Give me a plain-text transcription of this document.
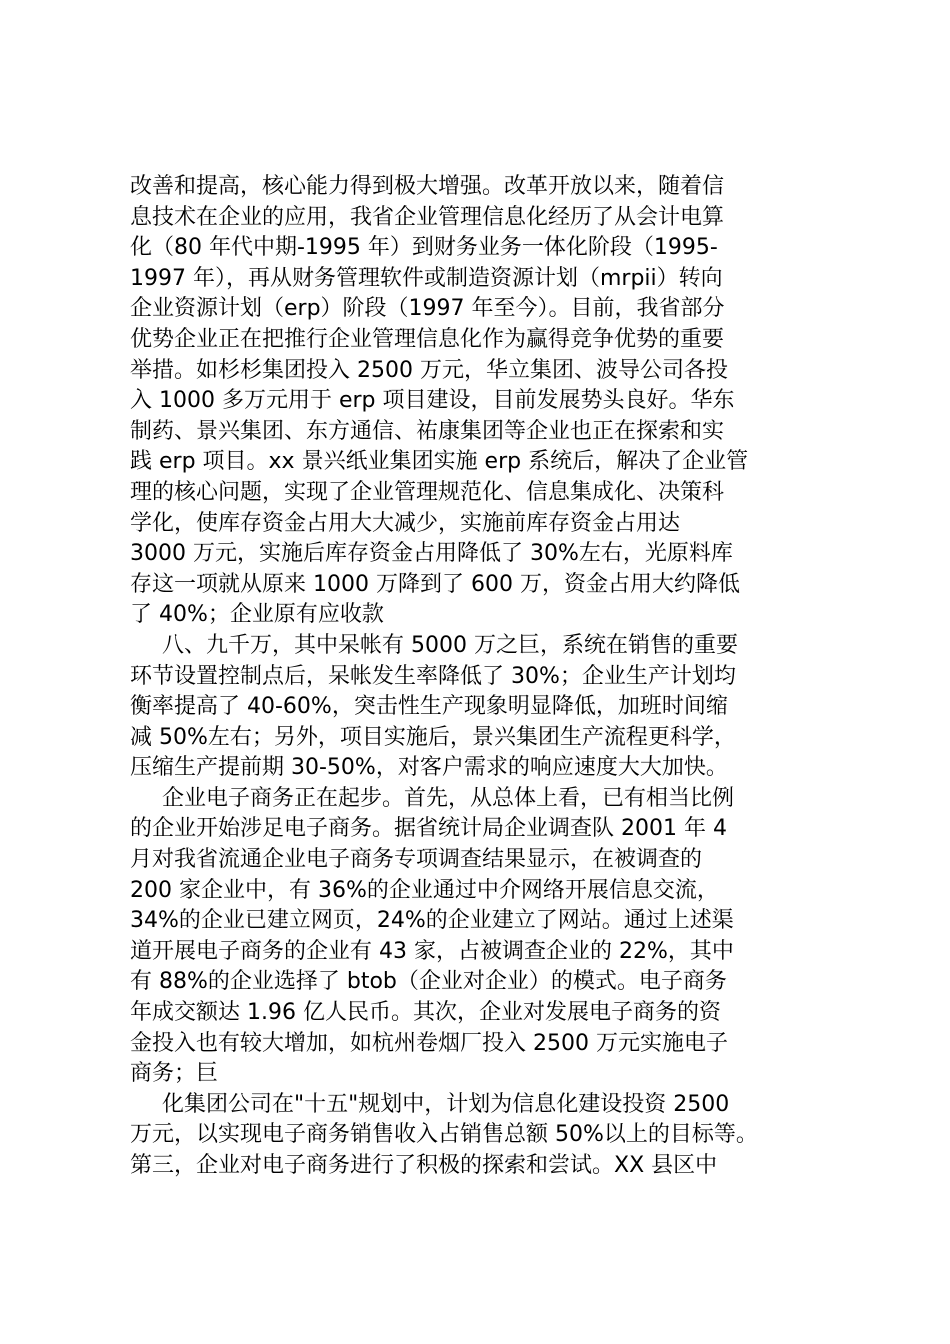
改善和提高，核心能力得到极大增强。改革开放以来，随着信
息技术在企业的应用，我省企业管理信息化经历了从会计电算
化（80 年代中期-1995 年）到财务业务一体化阶段（1995-
1997 年），再从财务管理软件或制造资源计划（mrpii）转向
企业资源计划（erp）阶段（1997 年至今）。目前，我省部分
优势企业正在把推行企业管理信息化作为赢得竞争优势的重要
举措。如杉杉集团投入 2500 万元，华立集团、波导公司各投
入 1000 多万元用于 erp 项目建设，目前发展势头良好。华东
制药、景兴集团、东方通信、祐康集团等企业也正在探索和实
践 erp 项目。xx 景兴纸业集团实施 erp 系统后，解决了企业管
理的核心问题，实现了企业管理规范化、信息集成化、决策科
学化，使库存资金占用大大减少，实施前库存资金占用达
3000 万元，实施后库存资金占用降低了 30%左右，光原料库
存这一项就从原来 1000 万降到了 600 万，资金占用大约降低
了 40%；企业原有应收款
八、九千万，其中呆帐有 5000 万之巨，系统在销售的重要
环节设置控制点后，呆帐发生率降低了 30%；企业生产计划均
衡率提高了 40-60%，突击性生产现象明显降低，加班时间缩
减 50%左右；另外，项目实施后，景兴集团生产流程更科学，
压缩生产提前期 30-50%，对客户需求的响应速度大大加快。
企业电子商务正在起步。首先，从总体上看，已有相当比例
的企业开始涉足电子商务。据省统计局企业调查队 2001 年 4
月对我省流通企业电子商务专项调查结果显示，在被调查的
200 家企业中，有 36%的企业通过中介网络开展信息交流，
34%的企业已建立网页，24%的企业建立了网站。通过上述渠
道开展电子商务的企业有 43 家，占被调查企业的 22%，其中
有 88%的企业选择了 btob（企业对企业）的模式。电子商务
年成交额达 1.96 亿人民币。其次，企业对发展电子商务的资
金投入也有较大增加，如杭州卷烟厂投入 2500 万元实施电子
商务；巨
化集团公司在"十五"规划中，计划为信息化建设投资 2500
万元，以实现电子商务销售收入占销售总额 50%以上的目标等。
第三，企业对电子商务进行了积极的探索和尝试。XX 县区中
